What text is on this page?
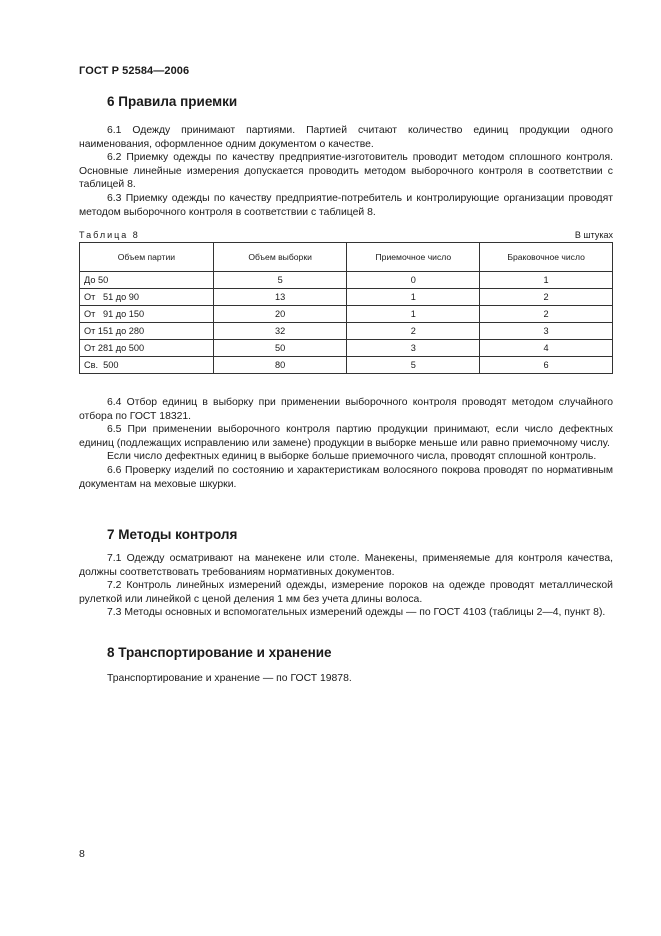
ГОСТ Р 52584—2006
6 Правила приемки

6.1 Одежду принимают партиями. Партией считают количество единиц продукции одного наименования, оформленное одним документом о качестве.

6.2 Приемку одежды по качеству предприятие-изготовитель проводит методом сплошного контроля. Основные линейные измерения допускается проводить методом выборочного контроля в соответствии с таблицей 8.

6.3 Приемку одежды по качеству предприятие-потребитель и контролирующие организации проводят методом выборочного контроля в соответствии с таблицей 8.

Таблица 8	В штуках
Объем партии	Объем выборки	Приемочное число	Браковочное число
До 50	5	0	1
От   51 до 90	13	1	2
От   91 до 150	20	1	2
От 151 до 280	32	2	3
От 281 до 500	50	3	4
Св.  500	80	5	6

6.4 Отбор единиц в выборку при применении выборочного контроля проводят методом случайного отбора по ГОСТ 18321.

6.5 При применении выборочного контроля партию продукции принимают, если число дефектных единиц (подлежащих исправлению или замене) продукции в выборке меньше или равно приемочному числу.

Если число дефектных единиц в выборке больше приемочного числа, проводят сплошной контроль.

6.6 Проверку изделий по состоянию и характеристикам волосяного покрова проводят по нормативным документам на меховые шкурки.

7 Методы контроля

7.1 Одежду осматривают на манекене или столе. Манекены, применяемые для контроля качества, должны соответствовать требованиям нормативных документов.

7.2 Контроль линейных измерений одежды, измерение пороков на одежде проводят металлической рулеткой или линейкой с ценой деления 1 мм без учета длины волоса.

7.3 Методы основных и вспомогательных измерений одежды — по ГОСТ 4103 (таблицы 2—4, пункт 8).

8 Транспортирование и хранение

Транспортирование и хранение — по ГОСТ 19878.

8
